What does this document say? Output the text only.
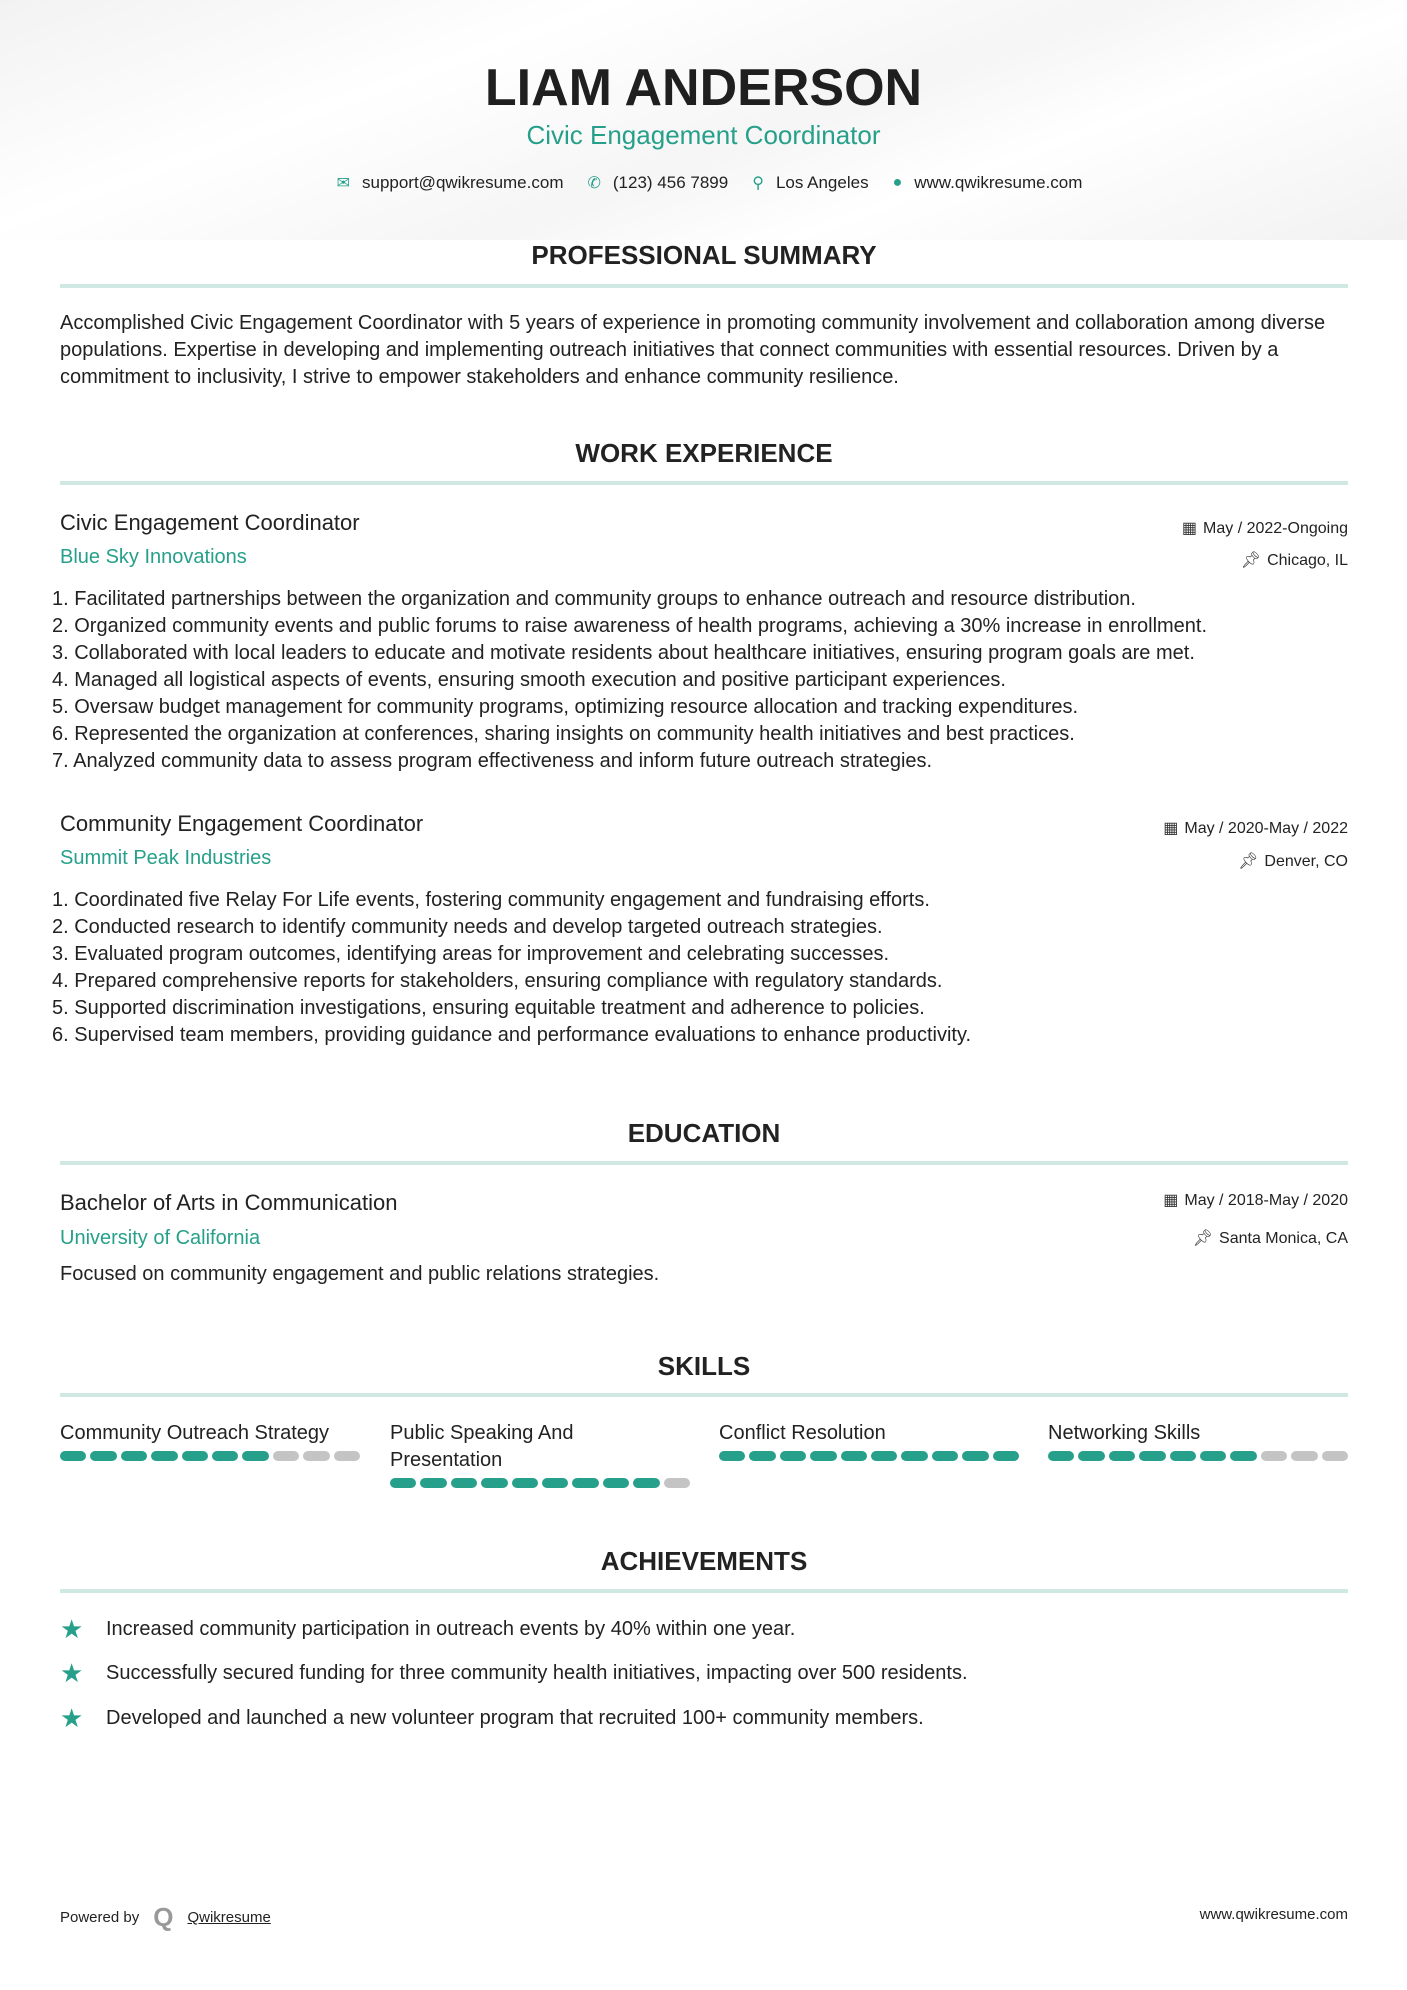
LIAM ANDERSON
Civic Engagement Coordinator
✉ support@qwikresume.com ✆ (123) 456 7899 ⚲ Los Angeles ● www.qwikresume.com
PROFESSIONAL SUMMARY
Accomplished Civic Engagement Coordinator with 5 years of experience in promoting community involvement and collaboration among diverse populations. Expertise in developing and implementing outreach initiatives that connect communities with essential resources. Driven by a commitment to inclusivity, I strive to empower stakeholders and enhance community resilience.
WORK EXPERIENCE
Civic Engagement Coordinator	▦ May / 2022-Ongoing
Blue Sky Innovations	📌︎ Chicago, IL
1. Facilitated partnerships between the organization and community groups to enhance outreach and resource distribution.
2. Organized community events and public forums to raise awareness of health programs, achieving a 30% increase in enrollment.
3. Collaborated with local leaders to educate and motivate residents about healthcare initiatives, ensuring program goals are met.
4. Managed all logistical aspects of events, ensuring smooth execution and positive participant experiences.
5. Oversaw budget management for community programs, optimizing resource allocation and tracking expenditures.
6. Represented the organization at conferences, sharing insights on community health initiatives and best practices.
7. Analyzed community data to assess program effectiveness and inform future outreach strategies.
Community Engagement Coordinator	▦ May / 2020-May / 2022
Summit Peak Industries	📌︎ Denver, CO
1. Coordinated five Relay For Life events, fostering community engagement and fundraising efforts.
2. Conducted research to identify community needs and develop targeted outreach strategies.
3. Evaluated program outcomes, identifying areas for improvement and celebrating successes.
4. Prepared comprehensive reports for stakeholders, ensuring compliance with regulatory standards.
5. Supported discrimination investigations, ensuring equitable treatment and adherence to policies.
6. Supervised team members, providing guidance and performance evaluations to enhance productivity.
EDUCATION
Bachelor of Arts in Communication	▦ May / 2018-May / 2020
University of California	📌︎ Santa Monica, CA
Focused on community engagement and public relations strategies.
SKILLS
Community Outreach Strategy	Public Speaking And Presentation
Conflict Resolution	Networking Skills
ACHIEVEMENTS
★	Increased community participation in outreach events by 40% within one year.
★	Successfully secured funding for three community health initiatives, impacting over 500 residents.
★	Developed and launched a new volunteer program that recruited 100+ community members.
Powered by Q Qwikresume	www.qwikresume.com
